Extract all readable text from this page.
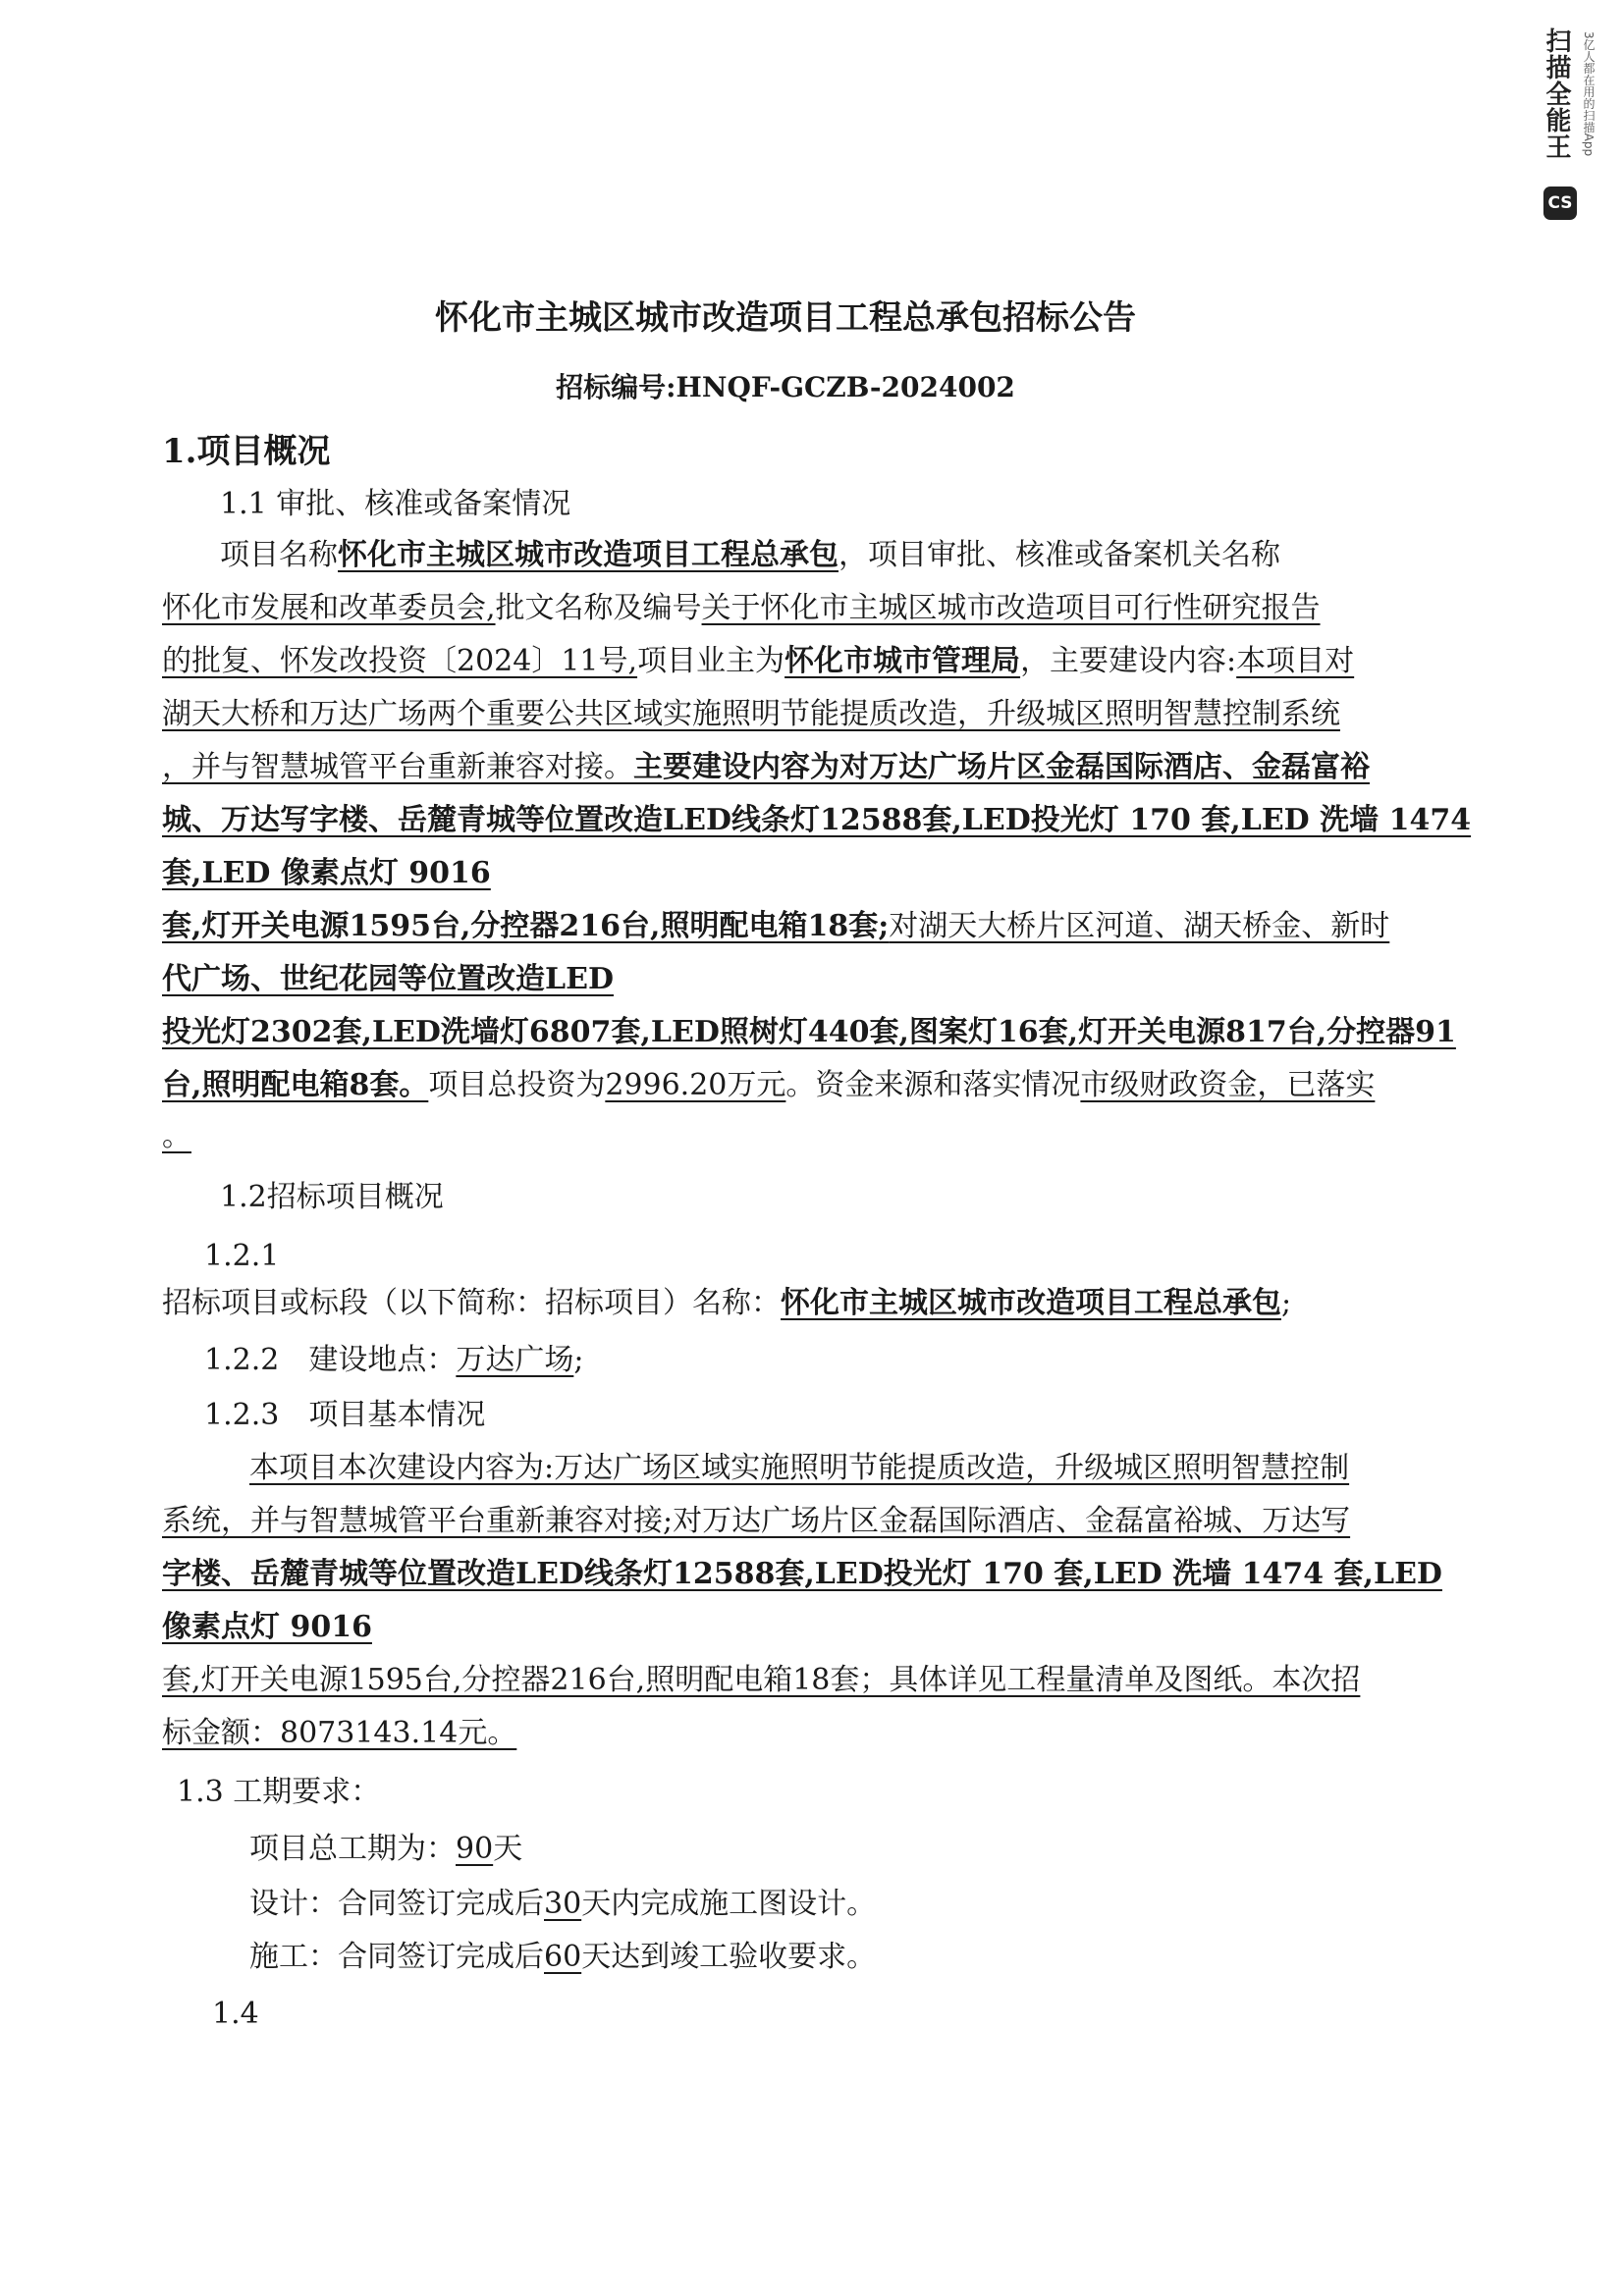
扫描全能王 3亿人都在用的扫描App
CS
怀化市主城区城市改造项目工程总承包招标公告
招标编号:HNQF-GCZB-2024002
1.项目概况
1.1 审批、核准或备案情况
项目名称怀化市主城区城市改造项目工程总承包，项目审批、核准或备案机关名称
怀化市发展和改革委员会,批文名称及编号关于怀化市主城区城市改造项目可行性研究报告
的批复、怀发改投资〔2024〕11号,项目业主为怀化市城市管理局，主要建设内容:本项目对
湖天大桥和万达广场两个重要公共区域实施照明节能提质改造，升级城区照明智慧控制系统
，并与智慧城管平台重新兼容对接。主要建设内容为对万达广场片区金磊国际酒店、金磊富裕
城、万达写字楼、岳麓青城等位置改造LED线条灯12588套,LED投光灯 170 套,LED 洗墙 1474
套,LED 像素点灯 9016
套,灯开关电源1595台,分控器216台,照明配电箱18套;对湖天大桥片区河道、湖天桥金、新时
代广场、世纪花园等位置改造LED
投光灯2302套,LED洗墙灯6807套,LED照树灯440套,图案灯16套,灯开关电源817台,分控器91
台,照明配电箱8套。项目总投资为2996.20万元。资金来源和落实情况市级财政资金，已落实
。
1.2招标项目概况
1.2.1
招标项目或标段（以下简称：招标项目）名称：怀化市主城区城市改造项目工程总承包;
1.2.2　建设地点：万达广场;
1.2.3　项目基本情况
本项目本次建设内容为:万达广场区域实施照明节能提质改造，升级城区照明智慧控制
系统，并与智慧城管平台重新兼容对接;对万达广场片区金磊国际酒店、金磊富裕城、万达写
字楼、岳麓青城等位置改造LED线条灯12588套,LED投光灯 170 套,LED 洗墙 1474 套,LED
像素点灯 9016
套,灯开关电源1595台,分控器216台,照明配电箱18套；具体详见工程量清单及图纸。本次招
标金额：8073143.14元。
1.3 工期要求：
项目总工期为：90天
设计：合同签订完成后30天内完成施工图设计。
施工：合同签订完成后60天达到竣工验收要求。
1.4
